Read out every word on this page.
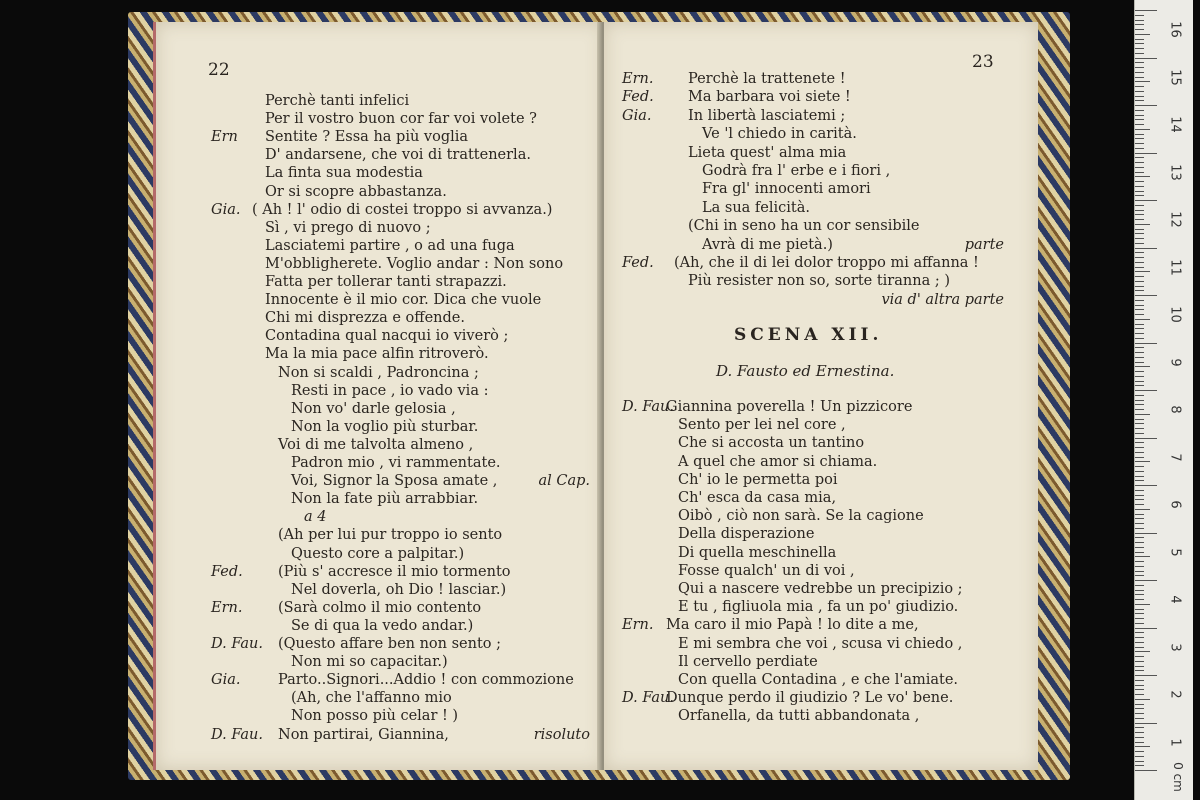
22
Perchè tanti infelici
Per il vostro buon cor far voi volete ?
Ern Sentite ? Essa ha più voglia
D' andarsene, che voi di trattenerla.
La finta sua modestia
Or si scopre abbastanza.
Gia. ( Ah ! l' odio di costei troppo si avvanza.)
Sì , vi prego di nuovo ;
Lasciatemi partire , o ad una fuga
M'obbligherete. Voglio andar : Non sono
Fatta per tollerar tanti strapazzi.
Innocente è il mio cor. Dica che vuole
Chi mi disprezza e offende.
Contadina qual nacqui io viverò ;
Ma la mia pace alfin ritroverò.
Non si scaldi , Padroncina ;
Resti in pace , io vado via :
Non vo' darle gelosia ,
Non la voglio più sturbar.
Voi di me talvolta almeno ,
Padron mio , vi rammentate.
Voi, Signor la Sposa amate ,	al Cap.
Non la fate più arrabbiar.
a 4
(Ah per lui pur troppo io sento
Questo core a palpitar.)
Fed. (Più s' accresce il mio tormento
Nel doverla, oh Dio ! lasciar.)
Ern. (Sarà colmo il mio contento
Se di qua la vedo andar.)
D. Fau. (Questo affare ben non sento ;
Non mi so capacitar.)
Gia.	Parto..Signori...Addio ! con commozione
(Ah, che l'affanno mio
Non posso più celar ! )
D. Fau. Non partirai, Giannina,	risoluto
23
Ern. Perchè la trattenete !
Fed. Ma barbara voi siete !
Gia.	In libertà lasciatemi ;
Ve 'l chiedo in carità.
Lieta quest' alma mia
Godrà fra l' erbe e i fiori ,
Fra gl' innocenti amori
La sua felicità.
(Chi in seno ha un cor sensibile
Avrà di me pietà.)	parte
Fed. (Ah, che il di lei dolor troppo mi affanna !
Più resister non so, sorte tiranna ; )
via d' altra parte
SCENA XII.
D. Fausto ed Ernestina.
D. Fau.
Giannina poverella ! Un pizzicore
Sento per lei nel core ,
Che si accosta un tantino
A quel che amor si chiama.
Ch' io le permetta poi
Ch' esca da casa mia,
Oibò , ciò non sarà. Se la cagione
Della disperazione
Di quella meschinella
Fosse qualch' un di voi ,
Qui a nascere vedrebbe un precipizio ;
E tu , figliuola mia , fa un po' giudizio.
Ern. Ma caro il mio Papà ! lo dite a me,
E mi sembra che voi , scusa vi chiedo ,
Il cervello perdiate
Con quella Contadina , e che l'amiate.
D. Fau.
Dunque perdo il giudizio ? Le vo' bene.
Orfanella, da tutti abbandonata ,
16
15
14
13
12
11
10
9
8
7
6
5
4
3
2
1
0 cm
